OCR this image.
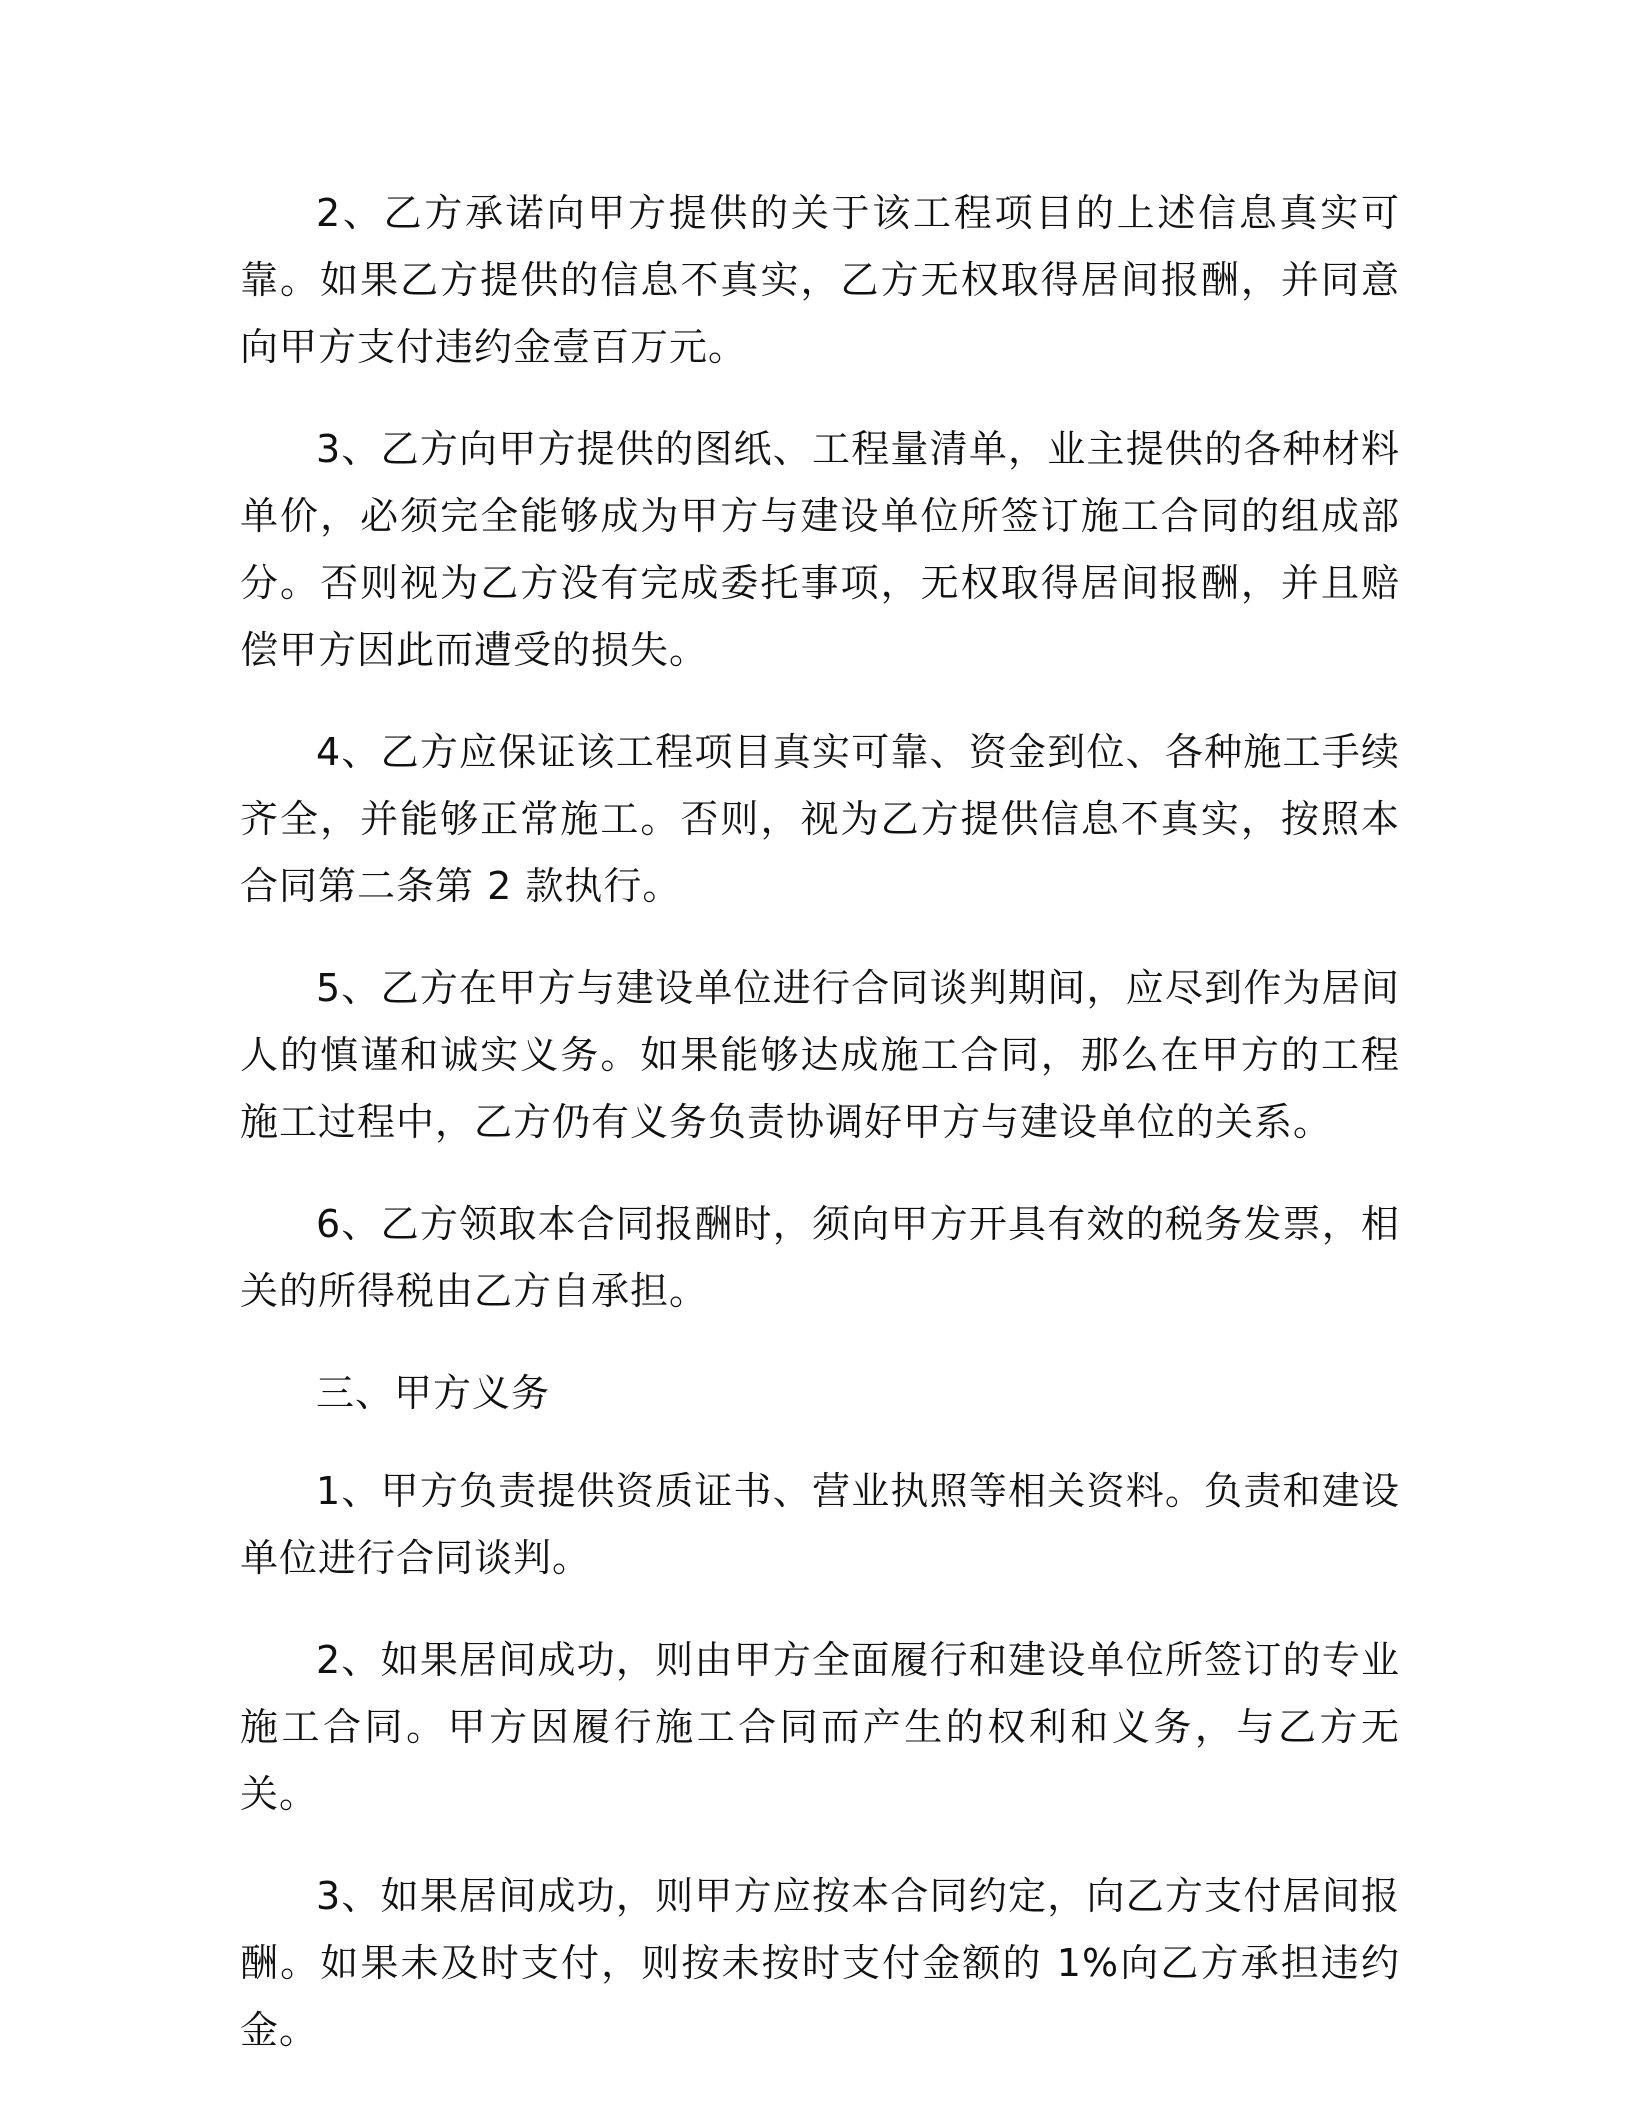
2、乙方承诺向甲方提供的关于该工程项目的上述信息真实可靠。如果乙方提供的信息不真实，乙方无权取得居间报酬，并同意向甲方支付违约金壹百万元。

3、乙方向甲方提供的图纸、工程量清单，业主提供的各种材料单价，必须完全能够成为甲方与建设单位所签订施工合同的组成部分。否则视为乙方没有完成委托事项，无权取得居间报酬，并且赔偿甲方因此而遭受的损失。

4、乙方应保证该工程项目真实可靠、资金到位、各种施工手续齐全，并能够正常施工。否则，视为乙方提供信息不真实，按照本合同第二条第 2 款执行。

5、乙方在甲方与建设单位进行合同谈判期间，应尽到作为居间人的慎谨和诚实义务。如果能够达成施工合同，那么在甲方的工程施工过程中，乙方仍有义务负责协调好甲方与建设单位的关系。

6、乙方领取本合同报酬时，须向甲方开具有效的税务发票，相关的所得税由乙方自承担。

三、甲方义务

1、甲方负责提供资质证书、营业执照等相关资料。负责和建设单位进行合同谈判。

2、如果居间成功，则由甲方全面履行和建设单位所签订的专业施工合同。甲方因履行施工合同而产生的权利和义务，与乙方无关。

3、如果居间成功，则甲方应按本合同约定，向乙方支付居间报酬。如果未及时支付，则按未按时支付金额的 1%向乙方承担违约金。
